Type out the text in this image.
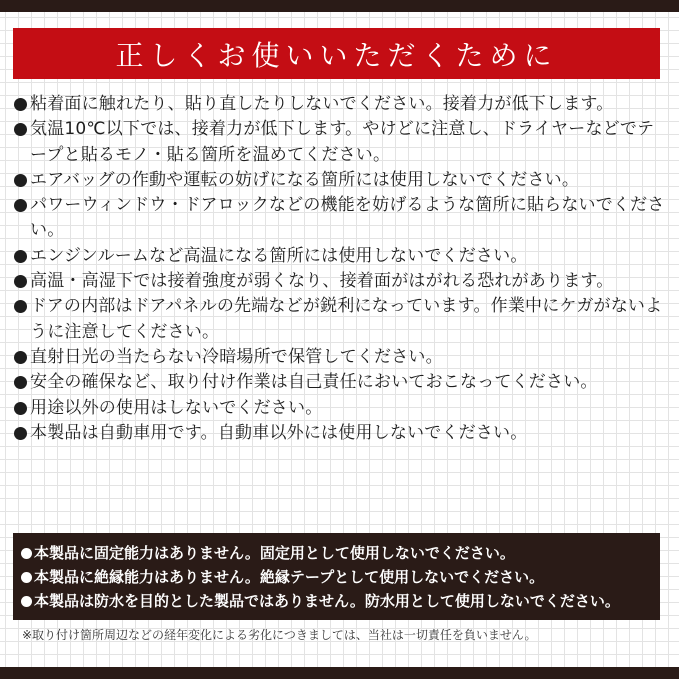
正しくお使いいただくために
粘着面に触れたり、貼り直したりしないでください。接着力が低下します。
気温10℃以下では、接着力が低下します。やけどに注意し、ドライヤーなどでテープと貼るモノ・貼る箇所を温めてください。
エアバッグの作動や運転の妨げになる箇所には使用しないでください。
パワーウィンドウ・ドアロックなどの機能を妨げるような箇所に貼らないでください。
エンジンルームなど高温になる箇所には使用しないでください。
高温・高湿下では接着強度が弱くなり、接着面がはがれる恐れがあります。
ドアの内部はドアパネルの先端などが鋭利になっています。作業中にケガがないように注意してください。
直射日光の当たらない冷暗場所で保管してください。
安全の確保など、取り付け作業は自己責任においておこなってください。
用途以外の使用はしないでください。
本製品は自動車用です。自動車以外には使用しないでください。
本製品に固定能力はありません。固定用として使用しないでください。
本製品に絶縁能力はありません。絶縁テープとして使用しないでください。
本製品は防水を目的とした製品ではありません。防水用として使用しないでください。
※取り付け箇所周辺などの経年変化による劣化につきましては、当社は一切責任を負いません。
